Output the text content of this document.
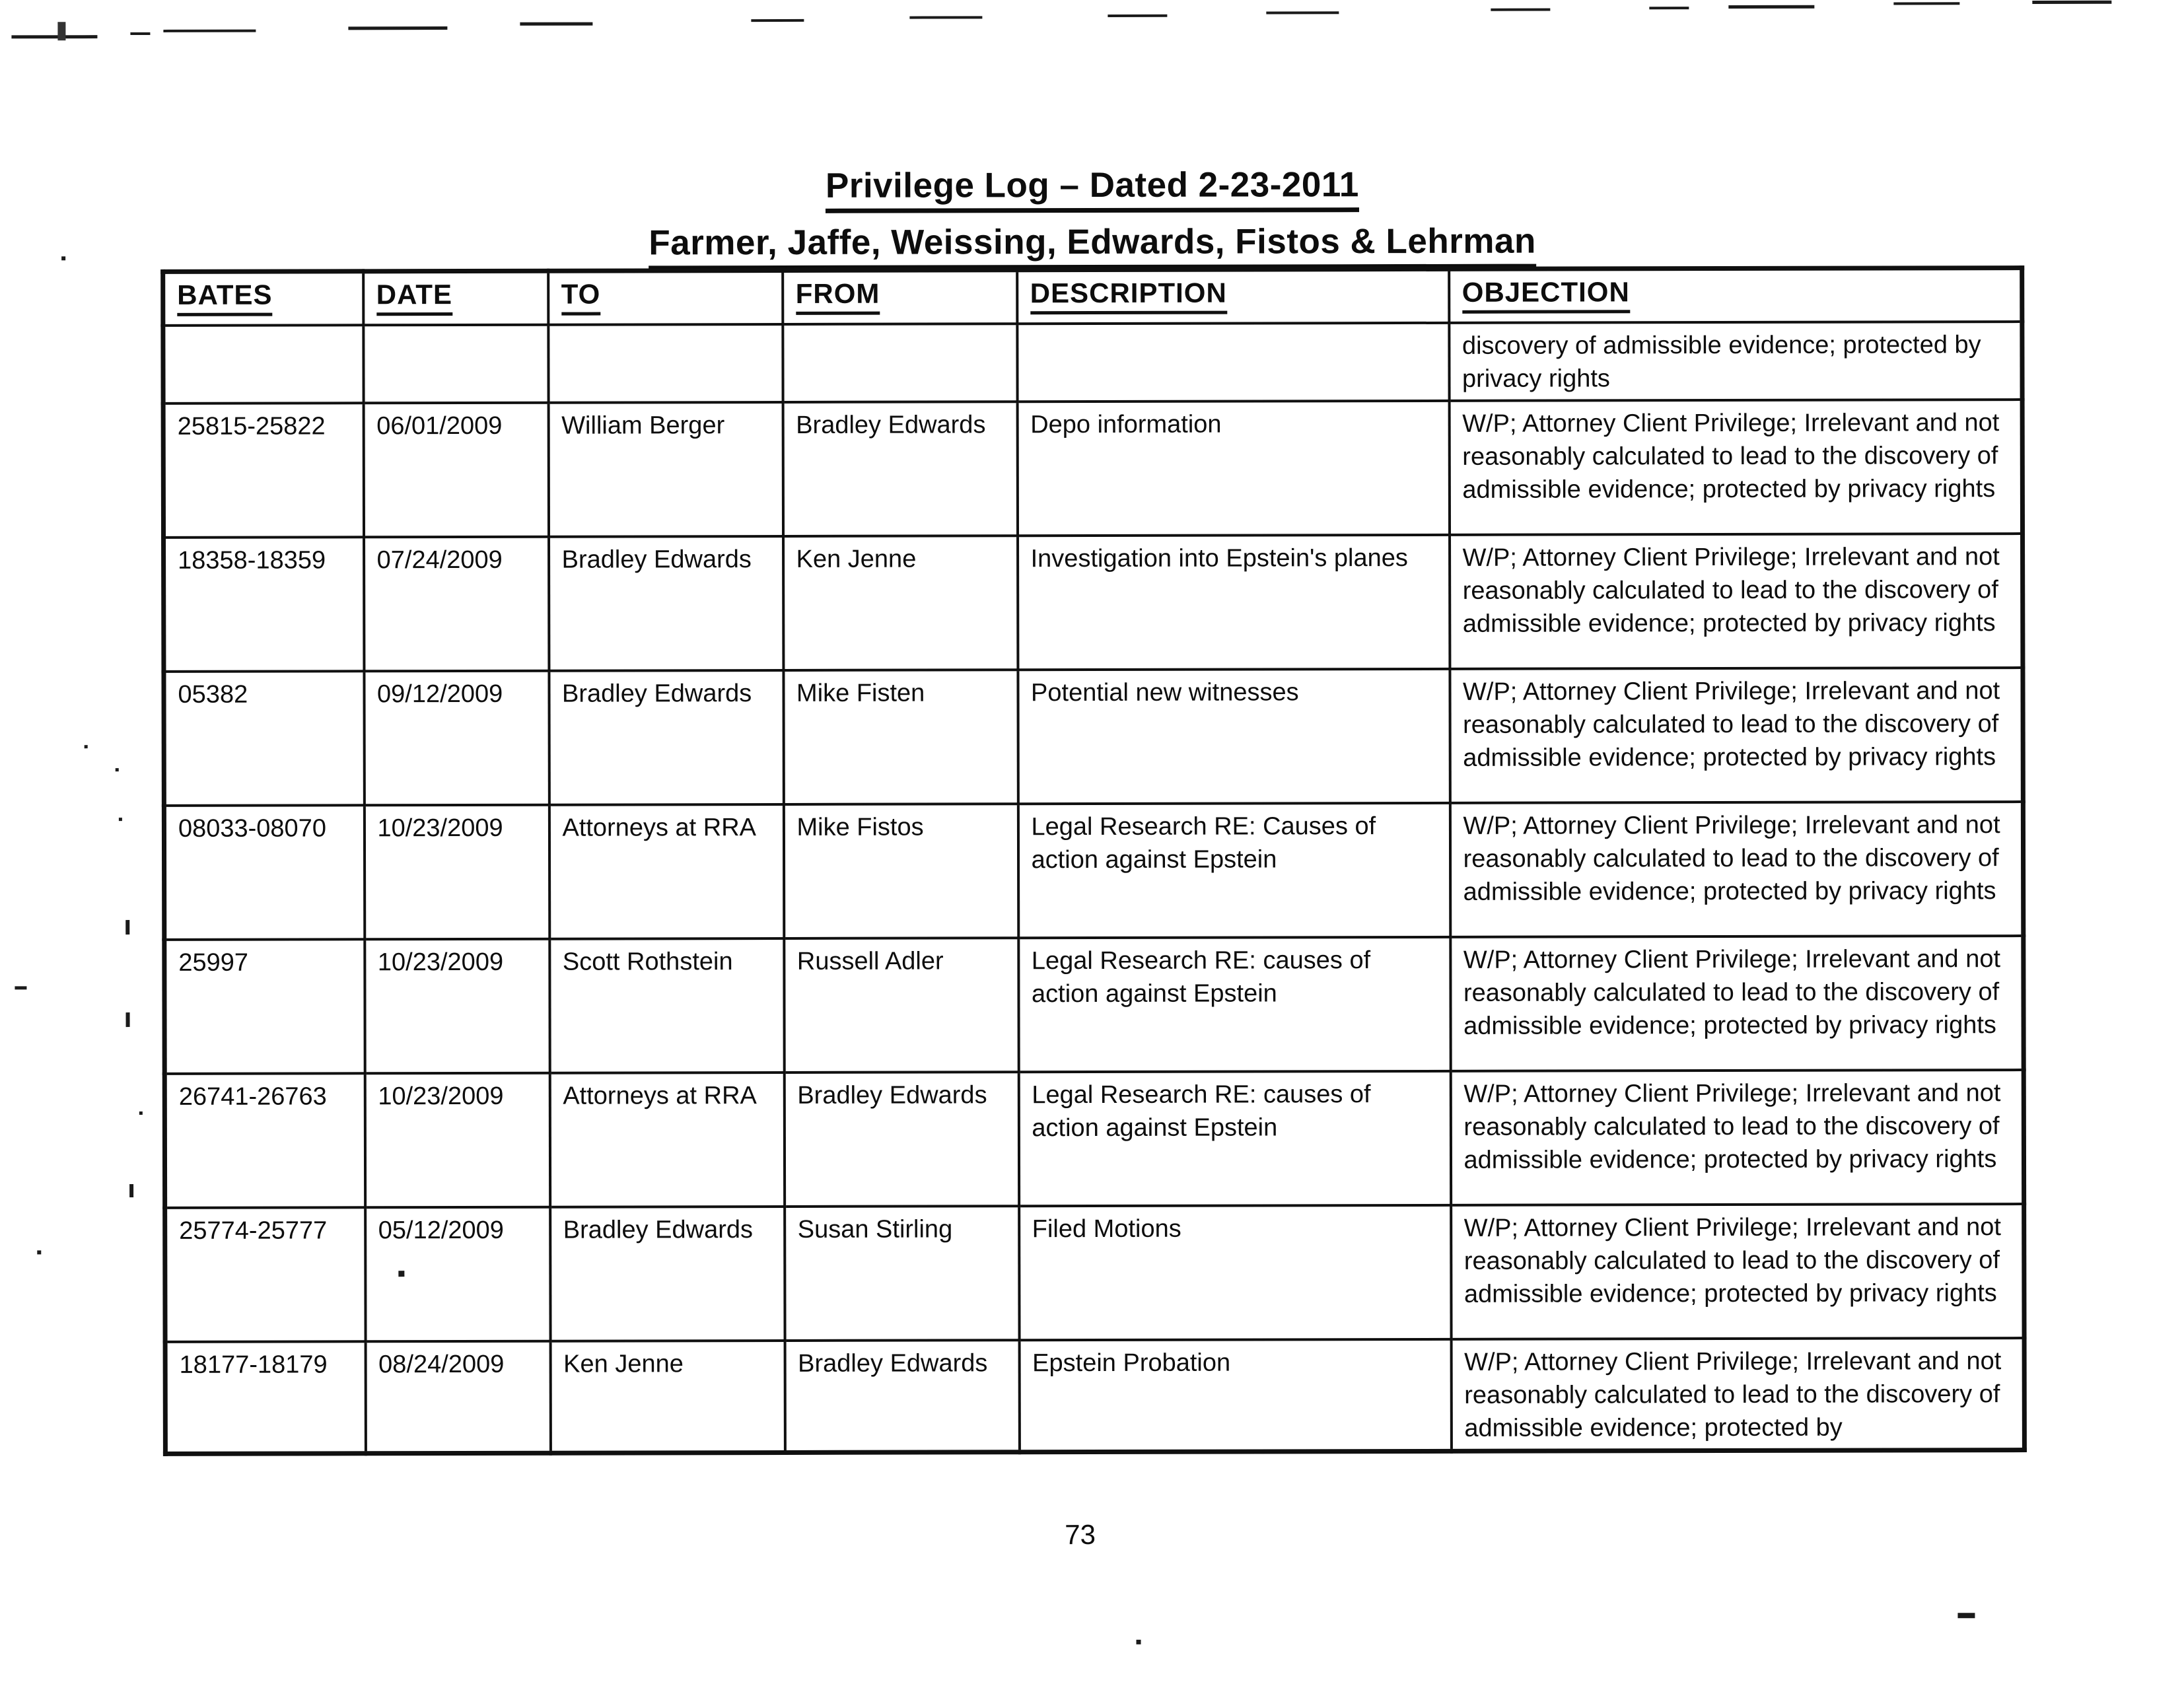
Privilege Log – Dated 2-23-2011
Farmer, Jaffe, Weissing, Edwards, Fistos & Lehrman
BATES	DATE	TO	FROM	DESCRIPTION	OBJECTION
					discovery of admissible evidence; protected by privacy rights
25815-25822	06/01/2009	William Berger	Bradley Edwards	Depo information	W/P; Attorney Client Privilege; Irrelevant and not reasonably calculated to lead to the discovery of admissible evidence; protected by privacy rights
18358-18359	07/24/2009	Bradley Edwards	Ken Jenne	Investigation into Epstein's planes	W/P; Attorney Client Privilege; Irrelevant and not reasonably calculated to lead to the discovery of admissible evidence; protected by privacy rights
05382	09/12/2009	Bradley Edwards	Mike Fisten	Potential new witnesses	W/P; Attorney Client Privilege; Irrelevant and not reasonably calculated to lead to the discovery of admissible evidence; protected by privacy rights
08033-08070	10/23/2009	Attorneys at RRA	Mike Fistos	Legal Research RE: Causes of action against Epstein	W/P; Attorney Client Privilege; Irrelevant and not reasonably calculated to lead to the discovery of admissible evidence; protected by privacy rights
25997	10/23/2009	Scott Rothstein	Russell Adler	Legal Research RE: causes of action against Epstein	W/P; Attorney Client Privilege; Irrelevant and not reasonably calculated to lead to the discovery of admissible evidence; protected by privacy rights
26741-26763	10/23/2009	Attorneys at RRA	Bradley Edwards	Legal Research RE: causes of action against Epstein	W/P; Attorney Client Privilege; Irrelevant and not reasonably calculated to lead to the discovery of admissible evidence; protected by privacy rights
25774-25777	05/12/2009	Bradley Edwards	Susan Stirling	Filed Motions	W/P; Attorney Client Privilege; Irrelevant and not reasonably calculated to lead to the discovery of admissible evidence; protected by privacy rights
18177-18179	08/24/2009	Ken Jenne	Bradley Edwards	Epstein Probation	W/P; Attorney Client Privilege; Irrelevant and not reasonably calculated to lead to the discovery of admissible evidence; protected by
73
